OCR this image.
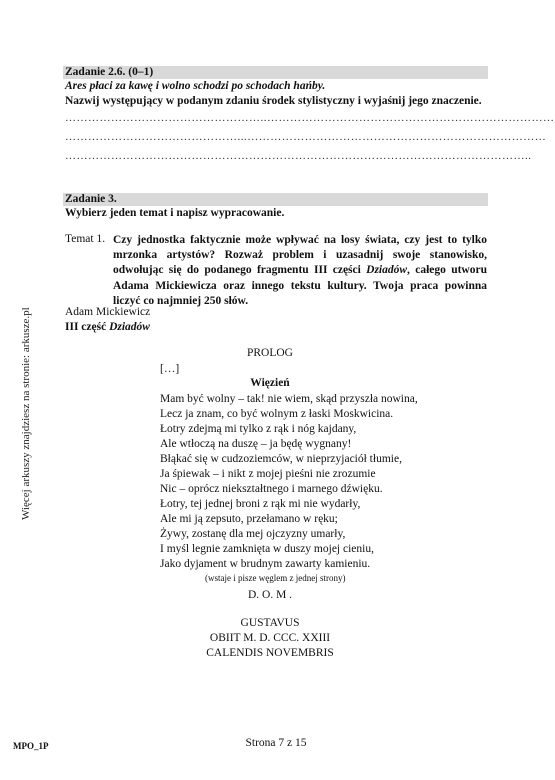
Więcej arkuszy znajdziesz na stronie: arkusze.pl
Zadanie 2.6. (0–1)
Ares płaci za kawę i wolno schodzi po schodach hańby.
Nazwij występujący w podanym zdaniu środek stylistyczny i wyjaśnij jego znaczenie.
……………………………………………..…………………………………………………………………
………………………………………...……………………………………………………………………
…………………………………………………………………………………………………………..
Zadanie 3.
Wybierz jeden temat i napisz wypracowanie.
Temat 1. Czy jednostka faktycznie może wpływać na losy świata, czy jest to tylko mrzonka artystów? Rozważ problem i uzasadnij swoje stanowisko, odwołując się do podanego fragmentu III części Dziadów, całego utworu Adama Mickiewicza oraz innego tekstu kultury. Twoja praca powinna liczyć co najmniej 250 słów.
Adam Mickiewicz
III część Dziadów
PROLOG
[…]
Więzień
Mam być wolny – tak! nie wiem, skąd przyszła nowina,
Lecz ja znam, co być wolnym z łaski Moskwicina.
Łotry zdejmą mi tylko z rąk i nóg kajdany,
Ale wtłoczą na duszę – ja będę wygnany!
Błąkać się w cudzoziemców, w nieprzyjaciół tłumie,
Ja śpiewak – i nikt z mojej pieśni nie zrozumie
Nic – oprócz niekształtnego i marnego dźwięku.
Łotry, tej jednej broni z rąk mi nie wydarły,
Ale mi ją zepsuto, przełamano w ręku;
Żywy, zostanę dla mej ojczyzny umarły,
I myśl legnie zamknięta w duszy mojej cieniu,
Jako dyjament w brudnym zawarty kamieniu.
(wstaje i pisze węglem z jednej strony)
D. O. M .
GUSTAVUS
OBIIT M. D. CCC. XXIII
CALENDIS NOVEMBRIS
MPO_1P	Strona 7 z 15
